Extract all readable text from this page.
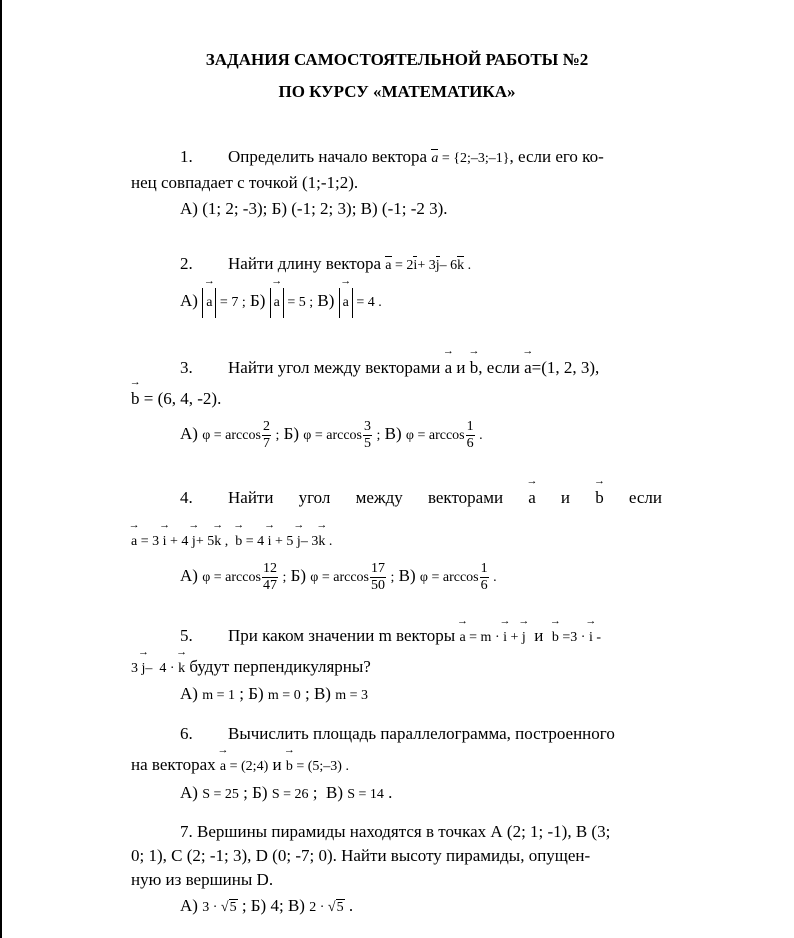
ЗАДАНИЯ САМОСТОЯТЕЛЬНОЙ РАБОТЫ №2
ПО КУРСУ «МАТЕМАТИКА»
1. Определить начало вектора a = {2;–3;–1}, если его ко-
нец совпадает с точкой (1;-1;2).
А) (1; 2; -3); Б) (-1; 2; 3); В) (-1; -2 3).
2. Найти длину вектора a = 2i+ 3j– 6k .
А) → a = 7 ; Б) → a = 5 ; В) → a = 4 .
3. Найти угол между векторами → a и → b, если → a=(1, 2, 3),
→ b = (6, 4, -2).
А) $\varphi = \arccos \frac{2}{7}$ ; Б) $\varphi = \arccos \frac{3}{5}$ ; В) $\varphi = \arccos \frac{1}{6}$ .
4. Найти угол между векторами → a и → b если
→ a = 3 → i + 4 → j+ 5→ k ,  → b = 4 → i + 5 → j– 3→ k .
А) $\varphi = \arccos \frac{12}{47}$ ; Б) $\varphi = \arccos \frac{17}{50}$ ; В) $\varphi = \arccos \frac{1}{6}$ .
5. При каком значении m векторы → a = m · → i + → j и → b =3 · → i -
3 → j–  4 · → k будут перпендикулярны?
А) m = 1 ; Б) m = 0 ; В) m = 3
6. Вычислить площадь параллелограмма, построенного
на векторах → a = (2;4) и → b = (5;–3) .
А) S = 25 ; Б) S = 26 ;  В) S = 14 .
7. Вершины пирамиды находятся в точках А (2; 1; -1), В (3;
0; 1), С (2; -1; 3), D (0; -7; 0). Найти высоту пирамиды, опущен-
ную из вершины D.
А) 3 · √5 ; Б) 4; В) 2 · √5 .
